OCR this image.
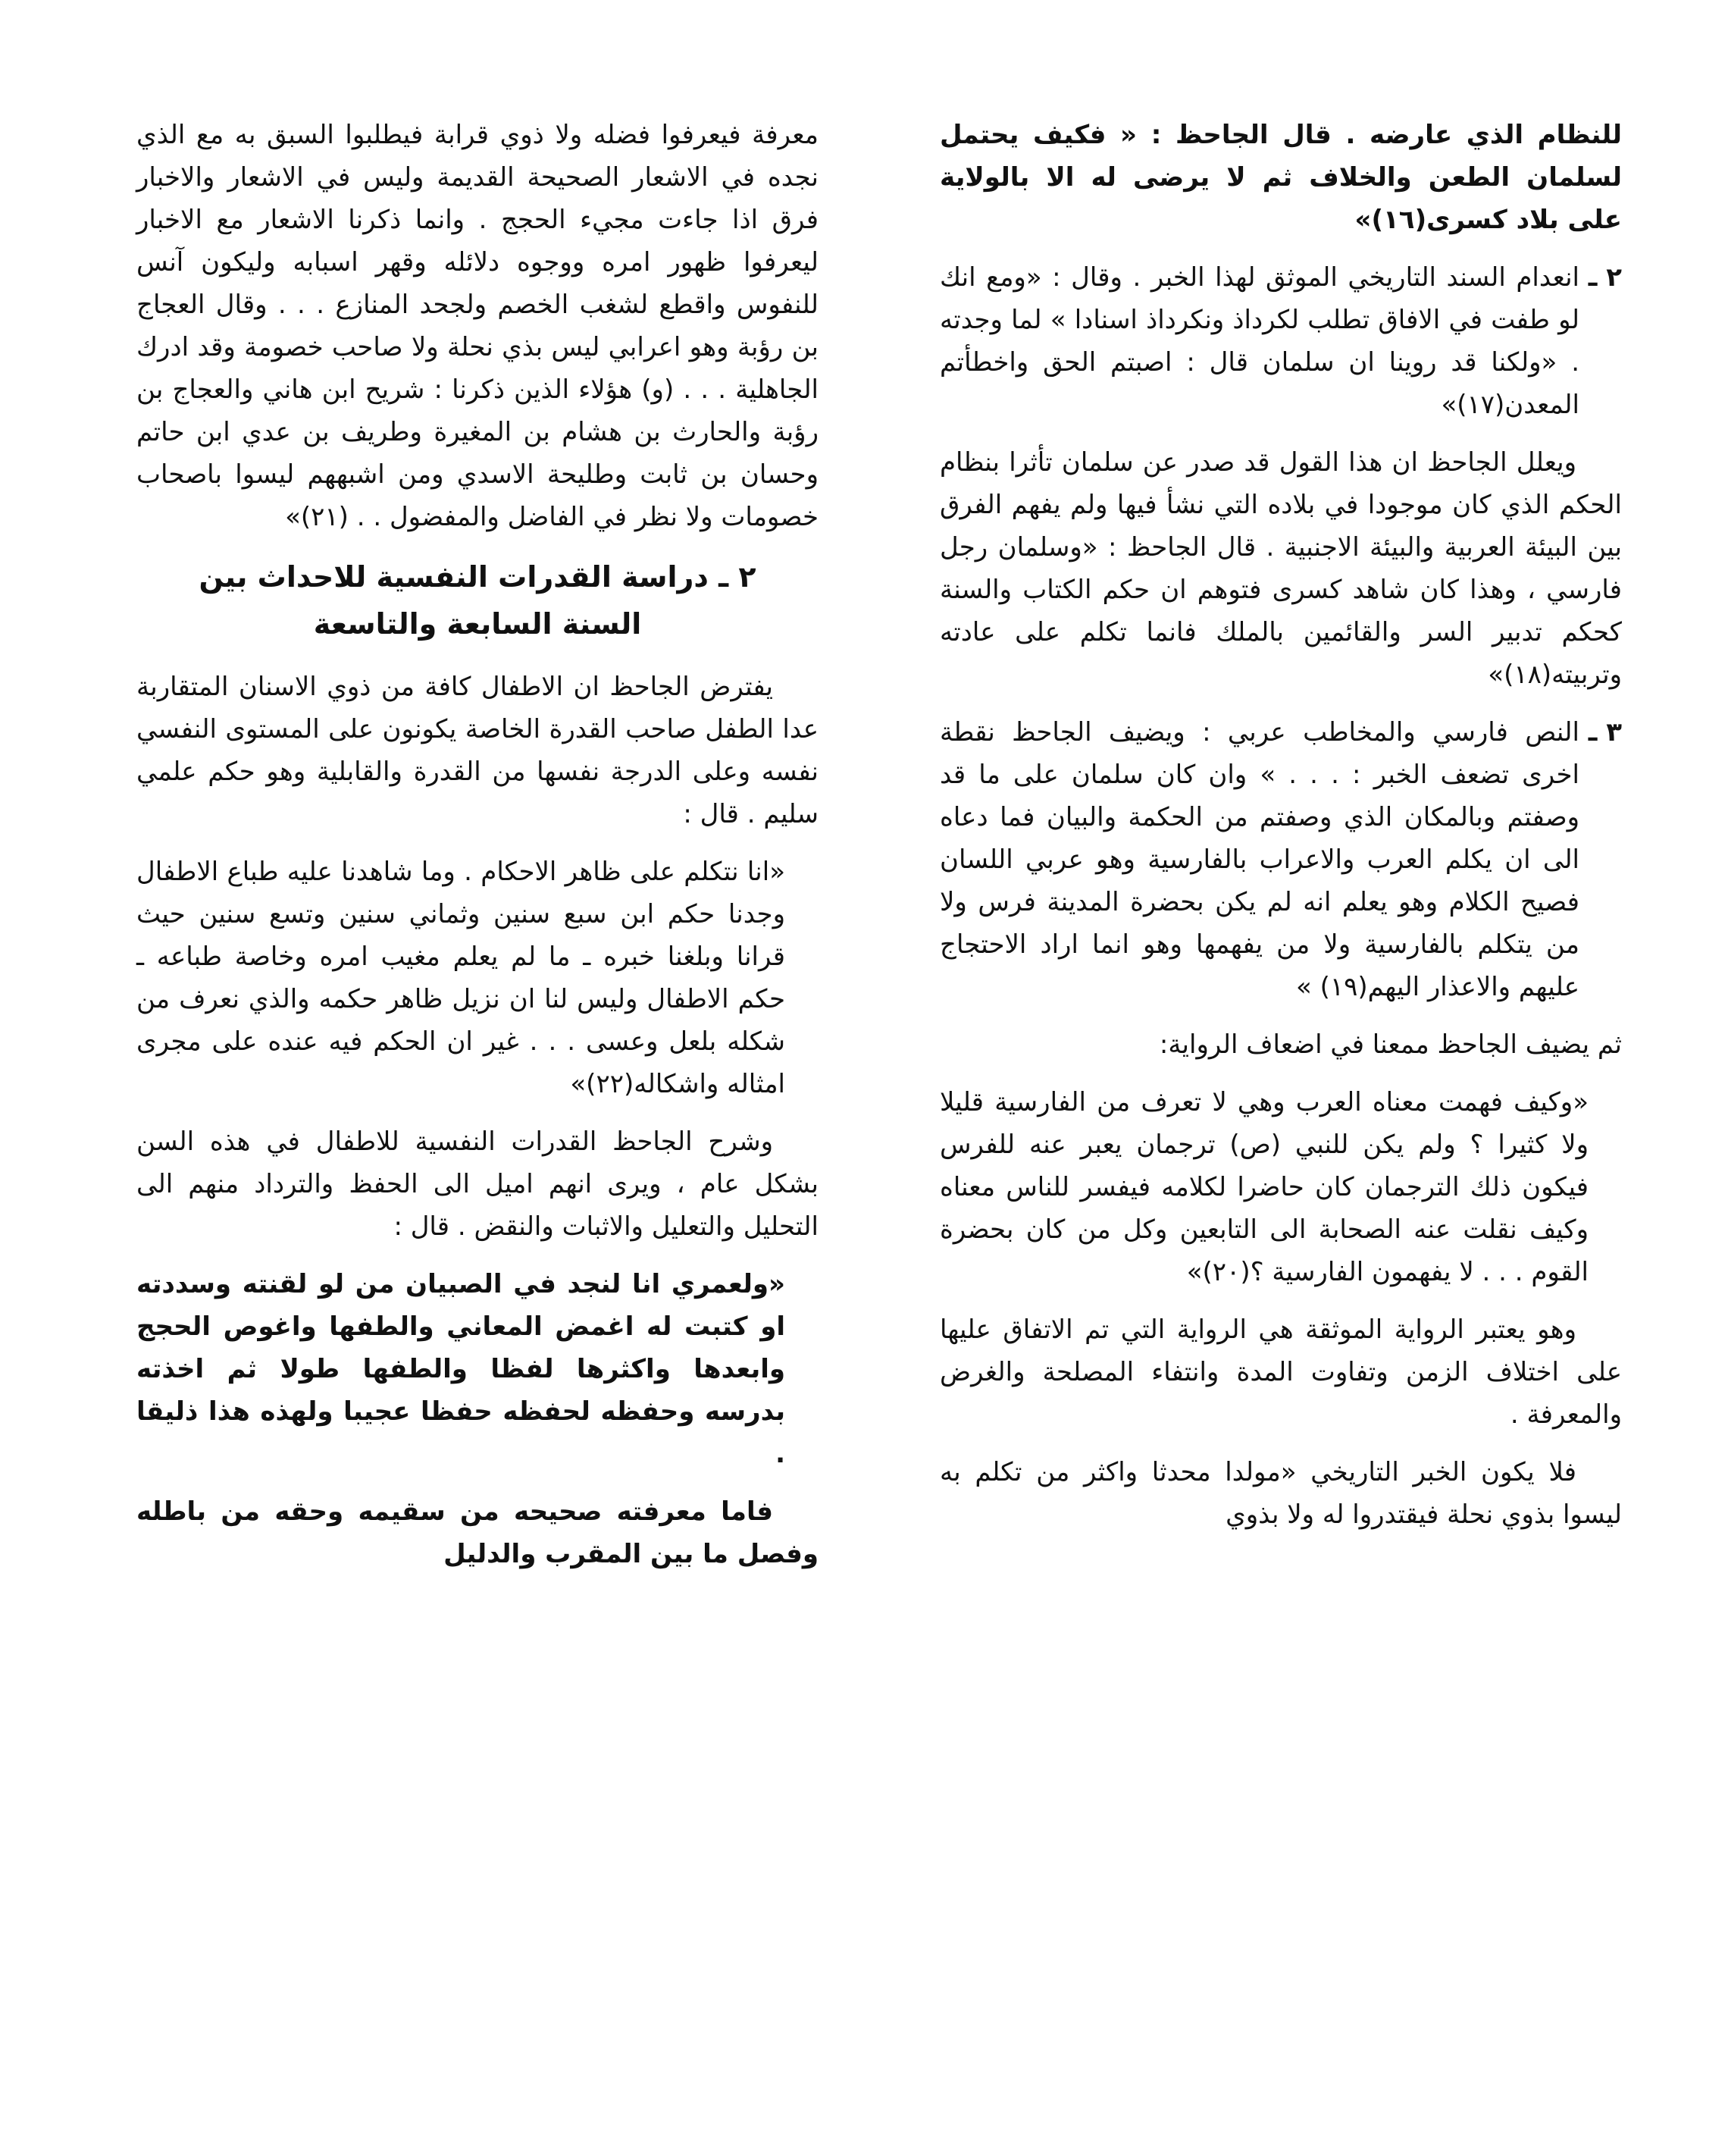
للنظام الذي عارضه . قال الجاحظ : « فكيف يحتمل لسلمان الطعن والخلاف ثم لا يرضى له الا بالولاية على بلاد كسرى(١٦)»

٢ ـ
انعدام السند التاريخي الموثق لهذا الخبر . وقال : «ومع انك لو طفت في الافاق تطلب لكرداذ ونكرداذ اسنادا » لما وجدته . «ولكنا قد روينا ان سلمان قال : اصبتم الحق واخطأتم المعدن(١٧)»

ويعلل الجاحظ ان هذا القول قد صدر عن سلمان تأثرا بنظام الحكم الذي كان موجودا في بلاده التي نشأ فيها ولم يفهم الفرق بين البيئة العربية والبيئة الاجنبية . قال الجاحظ : «وسلمان رجل فارسي ، وهذا كان شاهد كسرى فتوهم ان حكم الكتاب والسنة كحكم تدبير السر والقائمين بالملك فانما تكلم على عادته وتربيته(١٨)»

٣ ـ
النص فارسي والمخاطب عربي : ويضيف الجاحظ نقطة اخرى تضعف الخبر : . . . » وان كان سلمان على ما قد وصفتم وبالمكان الذي وصفتم من الحكمة والبيان فما دعاه الى ان يكلم العرب والاعراب بالفارسية وهو عربي اللسان فصيح الكلام وهو يعلم انه لم يكن بحضرة المدينة فرس ولا من يتكلم بالفارسية ولا من يفهمها وهو انما اراد الاحتجاج عليهم والاعذار اليهم(١٩) »

ثم يضيف الجاحظ ممعنا في اضعاف الرواية:

«وكيف فهمت معناه العرب وهي لا تعرف من الفارسية قليلا ولا كثيرا ؟ ولم يكن للنبي (ص) ترجمان يعبر عنه للفرس فيكون ذلك الترجمان كان حاضرا لكلامه فيفسر للناس معناه وكيف نقلت عنه الصحابة الى التابعين وكل من كان بحضرة القوم . . . لا يفهمون الفارسية ؟(٢٠)»

وهو يعتبر الرواية الموثقة هي الرواية التي تم الاتفاق عليها على اختلاف الزمن وتفاوت المدة وانتفاء المصلحة والغرض والمعرفة .

فلا يكون الخبر التاريخي «مولدا محدثا واكثر من تكلم به ليسوا بذوي نحلة فيقتدروا له ولا بذوي

معرفة فيعرفوا فضله ولا ذوي قرابة فيطلبوا السبق به مع الذي نجده في الاشعار الصحيحة القديمة وليس في الاشعار والاخبار فرق اذا جاءت مجيء الحجج . وانما ذكرنا الاشعار مع الاخبار ليعرفوا ظهور امره ووجوه دلائله وقهر اسبابه وليكون آنس للنفوس واقطع لشغب الخصم ولجحد المنازع . . . وقال العجاج بن رؤبة وهو اعرابي ليس بذي نحلة ولا صاحب خصومة وقد ادرك الجاهلية . . . (و) هؤلاء الذين ذكرنا : شريح ابن هاني والعجاج بن رؤبة والحارث بن هشام بن المغيرة وطريف بن عدي ابن حاتم وحسان بن ثابت وطليحة الاسدي ومن اشبههم ليسوا باصحاب خصومات ولا نظر في الفاضل والمفضول . . (٢١)»

٢ ـ دراسة القدرات النفسية للاحداث بين
السنة السابعة والتاسعة

يفترض الجاحظ ان الاطفال كافة من ذوي الاسنان المتقاربة عدا الطفل صاحب القدرة الخاصة يكونون على المستوى النفسي نفسه وعلى الدرجة نفسها من القدرة والقابلية وهو حكم علمي سليم . قال :

«انا نتكلم على ظاهر الاحكام . وما شاهدنا عليه طباع الاطفال وجدنا حكم ابن سبع سنين وثماني سنين وتسع سنين حيث قرانا وبلغنا خبره ـ ما لم يعلم مغيب امره وخاصة طباعه ـ حكم الاطفال وليس لنا ان نزيل ظاهر حكمه والذي نعرف من شكله بلعل وعسى . . . غير ان الحكم فيه عنده على مجرى امثاله واشكاله(٢٢)»

وشرح الجاحظ القدرات النفسية للاطفال في هذه السن بشكل عام ، ويرى انهم اميل الى الحفظ والترداد منهم الى التحليل والتعليل والاثبات والنقض . قال :

«ولعمري انا لنجد في الصبيان من لو لقنته وسددته او كتبت له اغمض المعاني والطفها واغوص الحجج وابعدها واكثرها لفظا والطفها طولا ثم اخذته بدرسه وحفظه لحفظه حفظا عجيبا ولهذه هذا ذليقا .

فاما معرفته صحيحه من سقيمه وحقه من باطله وفصل ما بين المقرب والدليل
